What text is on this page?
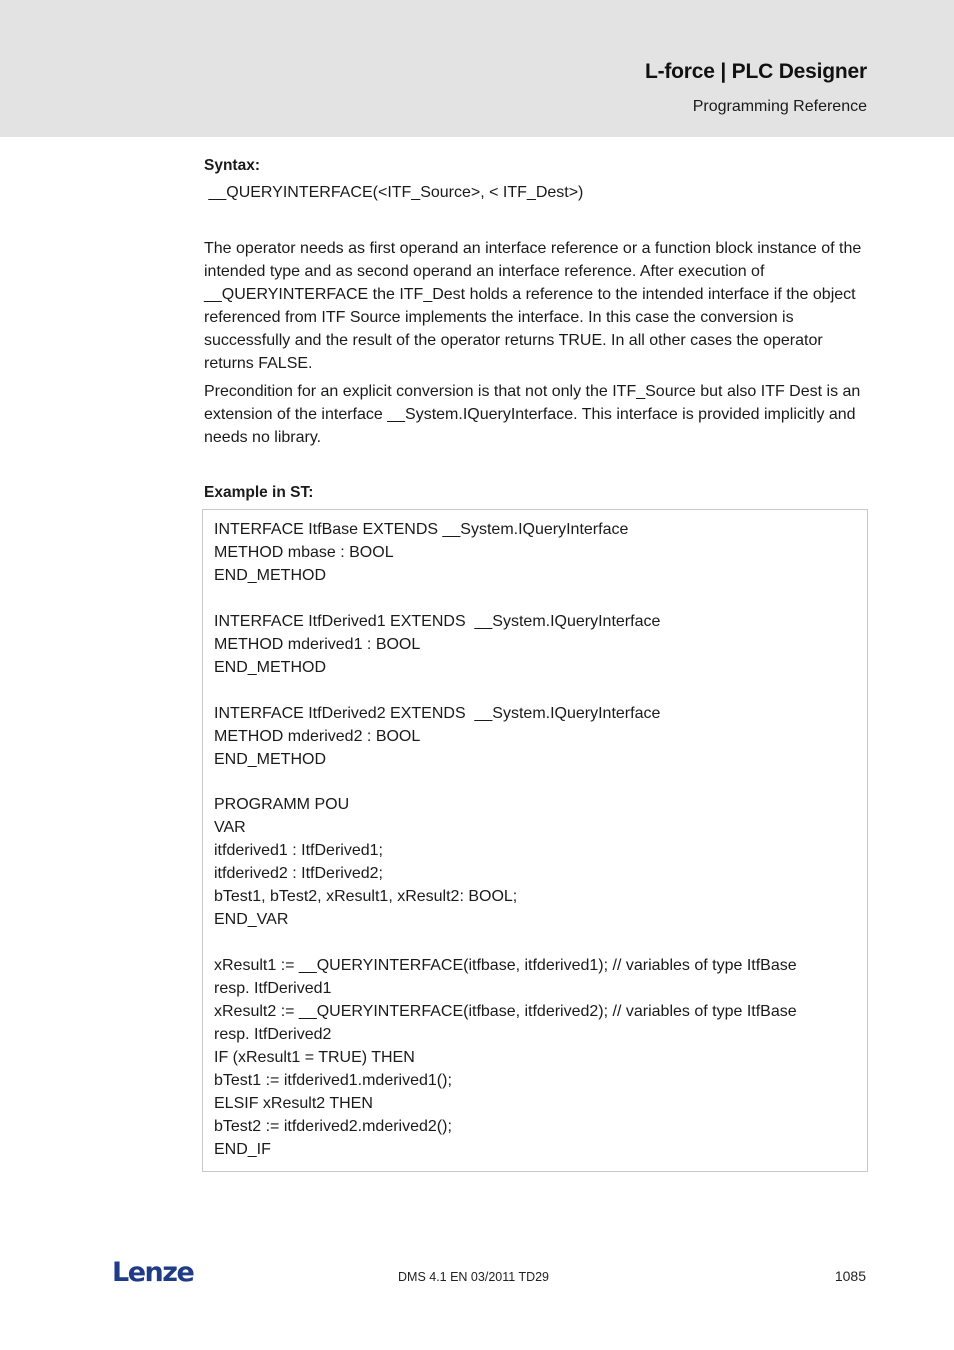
L-force | PLC Designer
Programming Reference
Syntax:
__QUERYINTERFACE(<ITF_Source>, < ITF_Dest>)

The operator needs as first operand an interface reference or a function block instance of the intended type and as second operand an interface reference. After execution of __QUERYINTERFACE the ITF_Dest holds a reference to the intended interface if the object referenced from ITF Source implements the interface. In this case the conversion is successfully and the result of the operator returns TRUE. In all other cases the operator returns FALSE.

Precondition for an explicit conversion is that not only the ITF_Source but also ITF Dest is an extension of the interface __System.IQueryInterface. This interface is provided implicitly and needs no library.

Example in ST:
INTERFACE ItfBase EXTENDS __System.IQueryInterface
METHOD mbase : BOOL
END_METHOD
INTERFACE ItfDerived1 EXTENDS  __System.IQueryInterface
METHOD mderived1 : BOOL
END_METHOD
INTERFACE ItfDerived2 EXTENDS  __System.IQueryInterface
METHOD mderived2 : BOOL
END_METHOD
PROGRAMM POU
VAR
itfderived1 : ItfDerived1;
itfderived2 : ItfDerived2;
bTest1, bTest2, xResult1, xResult2: BOOL;
END_VAR
xResult1 := __QUERYINTERFACE(itfbase, itfderived1); // variables of type ItfBase
resp. ItfDerived1
xResult2 := __QUERYINTERFACE(itfbase, itfderived2); // variables of type ItfBase
resp. ItfDerived2
IF (xResult1 = TRUE) THEN
bTest1 := itfderived1.mderived1();
ELSIF xResult2 THEN
bTest2 := itfderived2.mderived2();
END_IF
Lenze	DMS 4.1 EN 03/2011 TD29	1085
